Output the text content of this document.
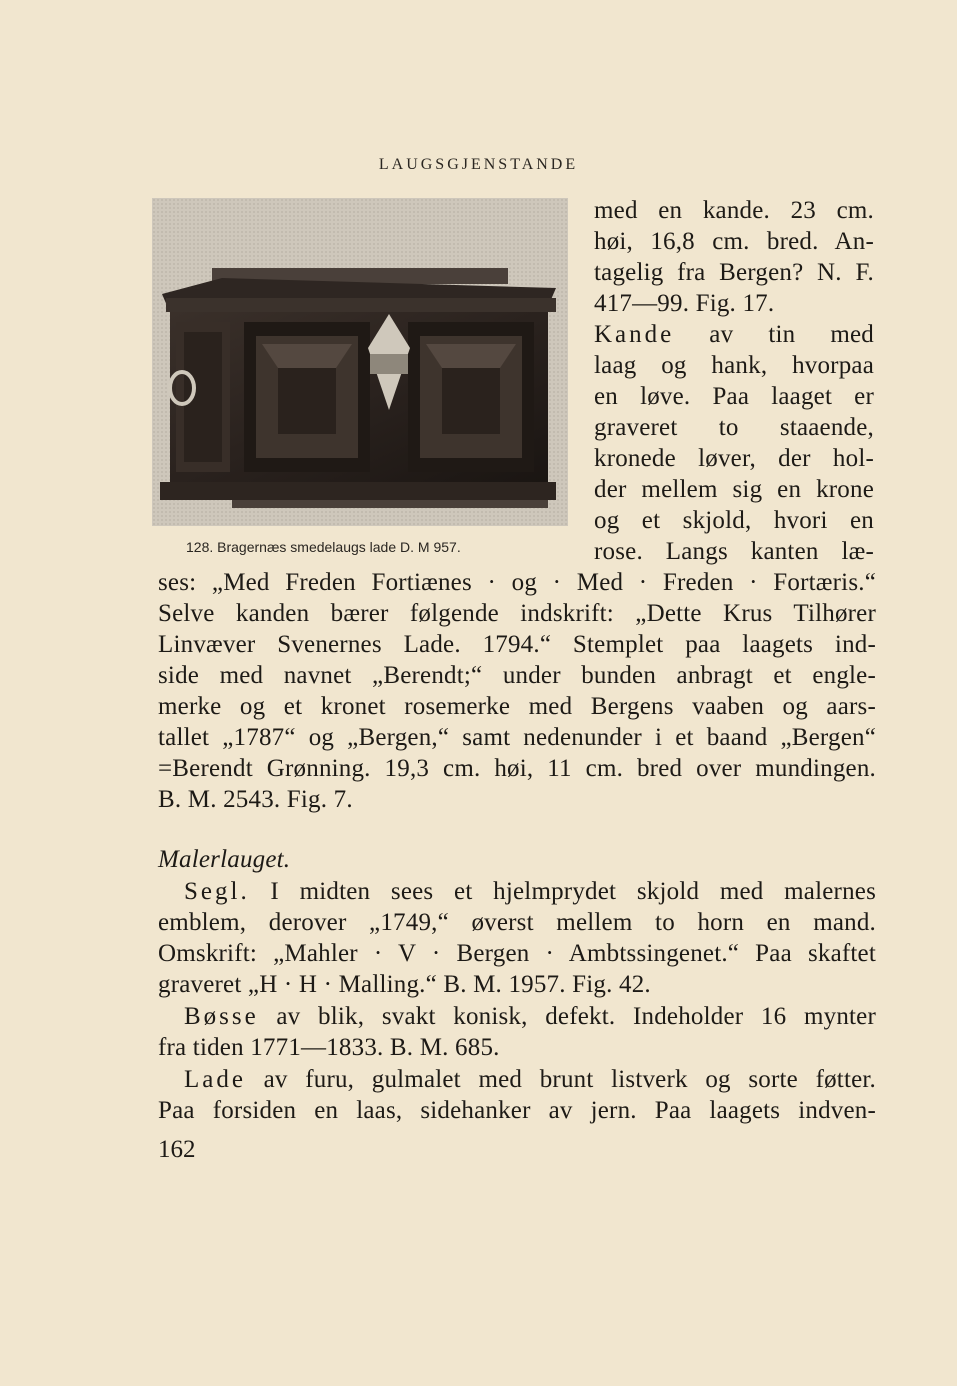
LAUGSGJENSTANDE
128. Bragernæs smedelaugs lade D. M 957.
med en kande. 23 cm.
høi, 16,8 cm. bred. An-
tagelig fra Bergen? N. F.
417—99. Fig. 17.
Kande av tin med
laag og hank, hvorpaa
en løve. Paa laaget er
graveret to staaende,
kronede løver, der hol-
der mellem sig en krone
og et skjold, hvori en
rose. Langs kanten læ-
ses: „Med Freden Fortiænes · og · Med · Freden · Fortæris.“
Selve kanden bærer følgende indskrift: „Dette Krus Tilhører
Linvæver Svenernes Lade. 1794.“ Stemplet paa laagets ind-
side med navnet „Berendt;“ under bunden anbragt et engle-
merke og et kronet rosemerke med Bergens vaaben og aars-
tallet „1787“ og „Bergen,“ samt nedenunder i et baand „Bergen“
=Berendt Grønning. 19,3 cm. høi, 11 cm. bred over mundingen.
B. M. 2543. Fig. 7.
Malerlauget.
Segl. I midten sees et hjelmprydet skjold med malernes
emblem, derover „1749,“ øverst mellem to horn en mand.
Omskrift: „Mahler · V · Bergen · Ambtssingenet.“ Paa skaftet
graveret „H · H · Malling.“ B. M. 1957. Fig. 42.
Bøsse av blik, svakt konisk, defekt. Indeholder 16 mynter
fra tiden 1771—1833. B. M. 685.
Lade av furu, gulmalet med brunt listverk og sorte føtter.
Paa forsiden en laas, sidehanker av jern. Paa laagets indven-
162
